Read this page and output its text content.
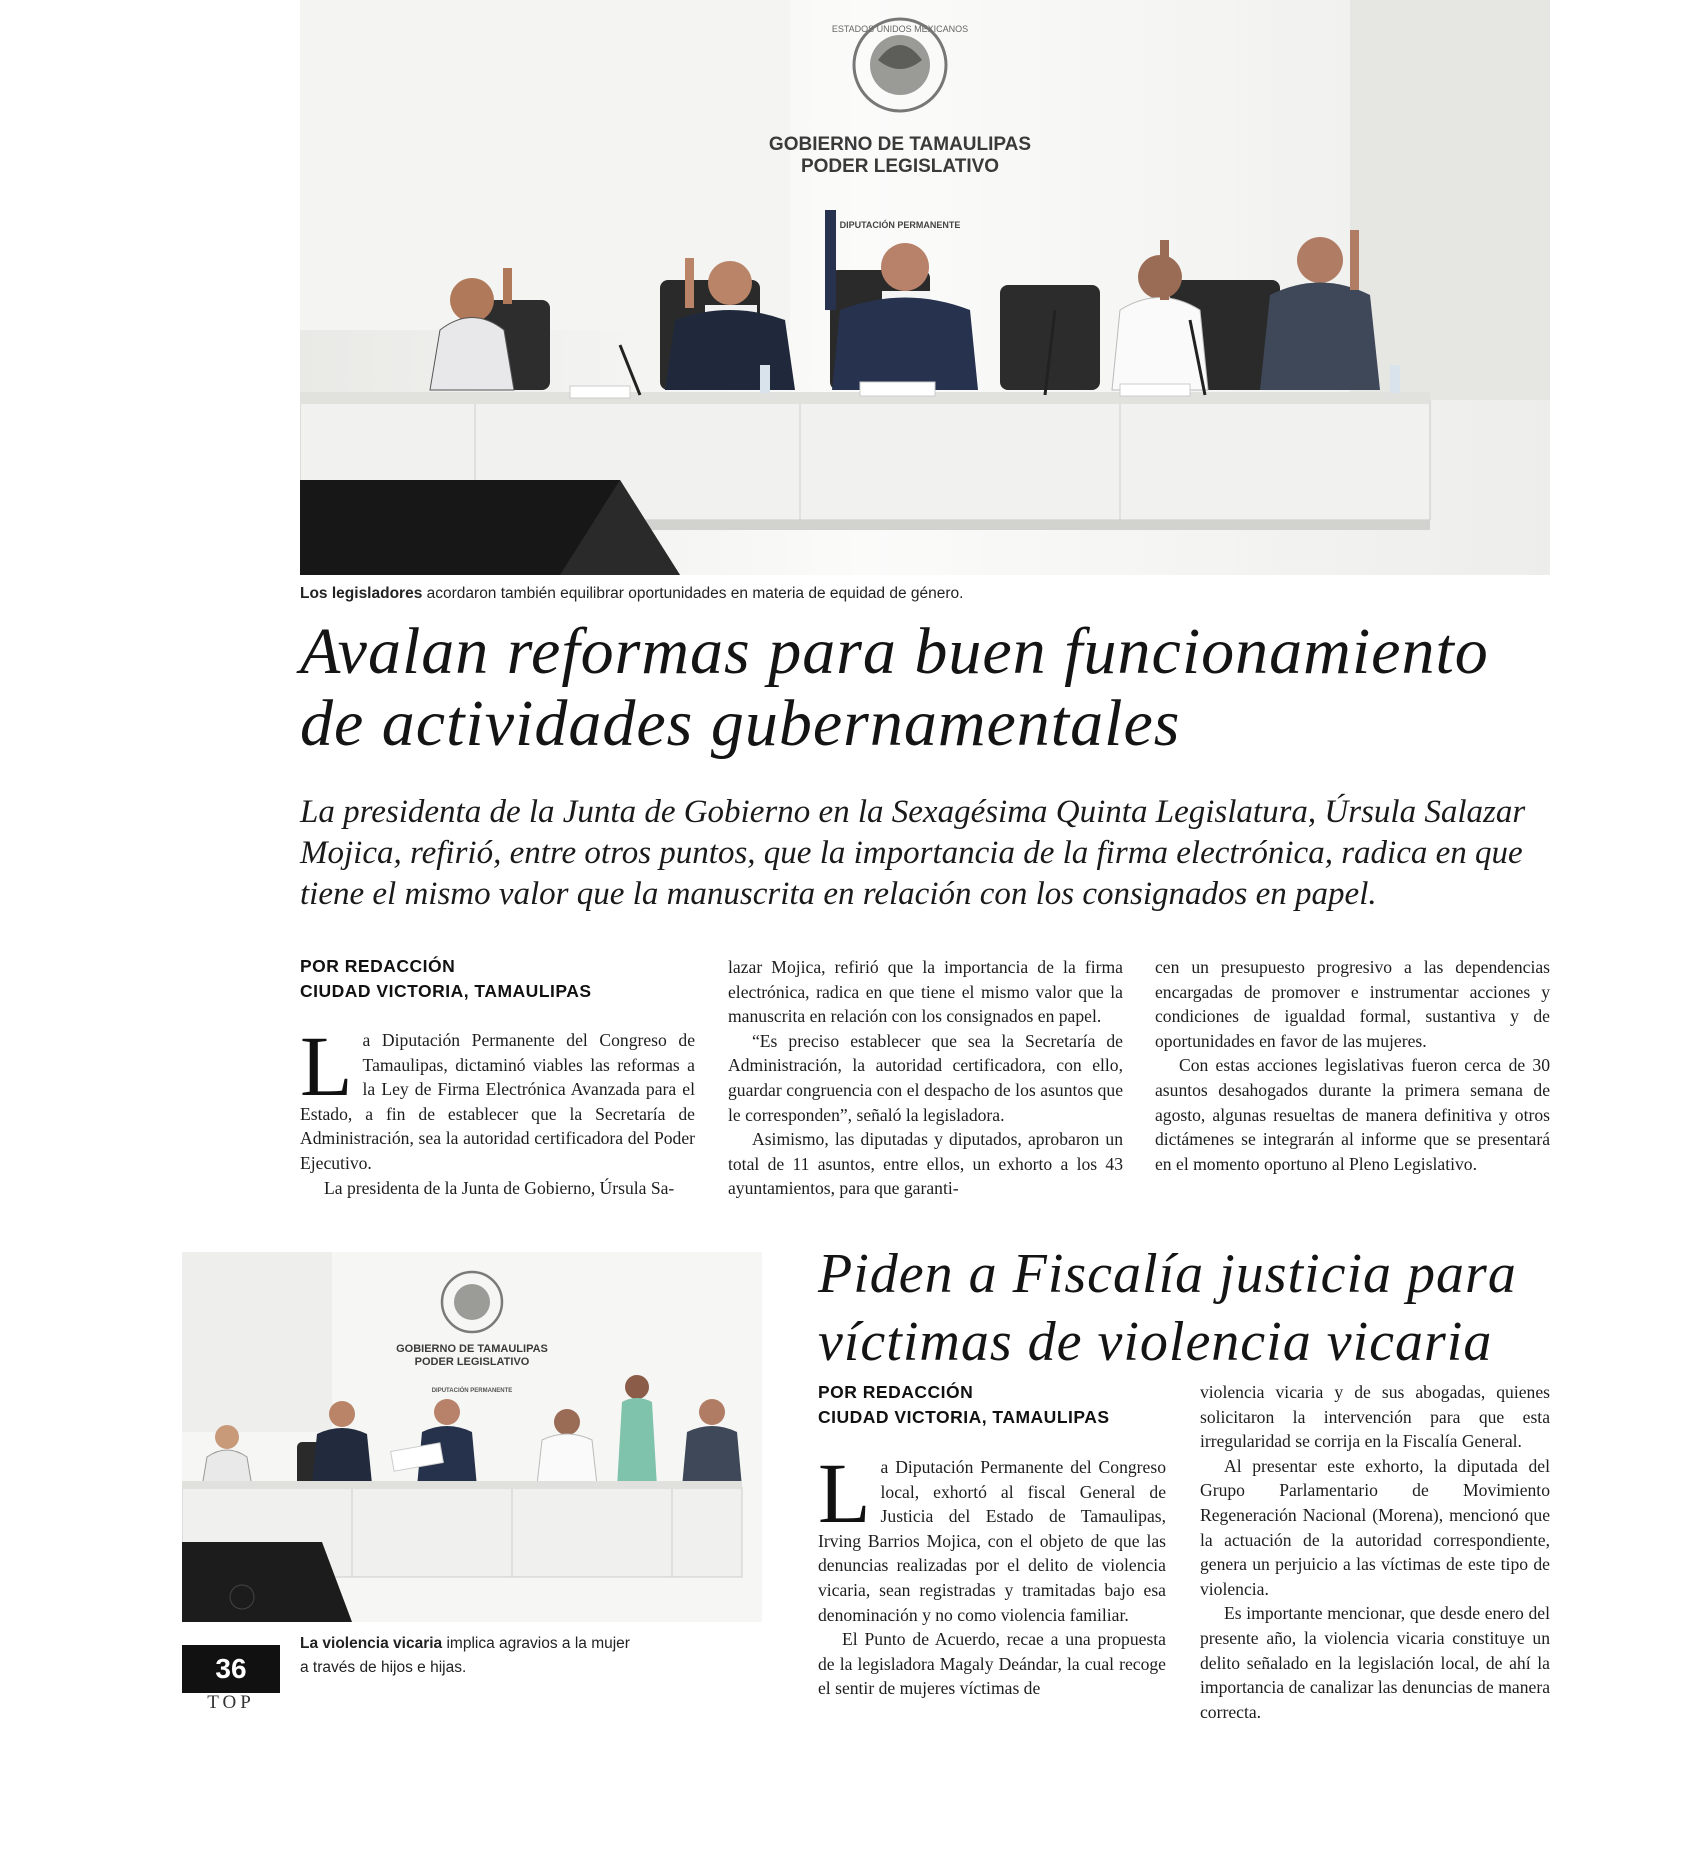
ESTADOS UNIDOS MEXICANOS
GOBIERNO DE TAMAULIPAS
PODER LEGISLATIVO
DIPUTACIÓN PERMANENTE
Los legisladores acordaron también equilibrar oportunidades en materia de equidad de género.
Avalan reformas para buen funcionamiento
de actividades gubernamentales
La presidenta de la Junta de Gobierno en la Sexagésima Quinta Legislatura, Úrsula Salazar Mojica, refirió, entre otros puntos, que la importancia de la firma electrónica, radica en que tiene el mismo valor que la manuscrita en relación con los consignados en papel.
POR REDACCIÓN
CIUDAD VICTORIA, TAMAULIPAS

La Diputación Permanente del Congreso de Tamaulipas, dictaminó viables las reformas a la Ley de Firma Electrónica Avanzada para el Estado, a fin de establecer que la Secretaría de Administración, sea la autoridad certificadora del Poder Ejecutivo.

La presidenta de la Junta de Gobierno, Úrsula Sa-

lazar Mojica, refirió que la importancia de la firma electrónica, radica en que tiene el mismo valor que la manuscrita en relación con los consignados en papel.

“Es preciso establecer que sea la Secretaría de Administración, la autoridad certificadora, con ello, guardar congruencia con el despacho de los asuntos que le corresponden”, señaló la legisladora.

Asimismo, las diputadas y diputados, aprobaron un total de 11 asuntos, entre ellos, un exhorto a los 43 ayuntamientos, para que garanti-

cen un presupuesto progresivo a las dependencias encargadas de promover e instrumentar acciones y condiciones de igualdad formal, sustantiva y de oportunidades en favor de las mujeres.

Con estas acciones legislativas fueron cerca de 30 asuntos desahogados durante la primera semana de agosto, algunas resueltas de manera definitiva y otros dictámenes se integrarán al informe que se presentará en el momento oportuno al Pleno Legislativo.

GOBIERNO DE TAMAULIPAS
PODER LEGISLATIVO
DIPUTACIÓN PERMANENTE
La violencia vicaria implica agravios a la mujer a través de hijos e hijas.
36
TOP
Piden a Fiscalía justicia para
víctimas de violencia vicaria
POR REDACCIÓN
CIUDAD VICTORIA, TAMAULIPAS

La Diputación Permanente del Congreso local, exhortó al fiscal General de Justicia del Estado de Tamaulipas, Irving Barrios Mojica, con el objeto de que las denuncias realizadas por el delito de violencia vicaria, sean registradas y tramitadas bajo esa denominación y no como violencia familiar.

El Punto de Acuerdo, recae a una propuesta de la legisladora Magaly Deándar, la cual recoge el sentir de mujeres víctimas de

violencia vicaria y de sus abogadas, quienes solicitaron la intervención para que esta irregularidad se corrija en la Fiscalía General.

Al presentar este exhorto, la diputada del Grupo Parlamentario de Movimiento Regeneración Nacional (Morena), mencionó que la actuación de la autoridad correspondiente, genera un perjuicio a las víctimas de este tipo de violencia.

Es importante mencionar, que desde enero del presente año, la violencia vicaria constituye un delito señalado en la legislación local, de ahí la importancia de canalizar las denuncias de manera correcta.
